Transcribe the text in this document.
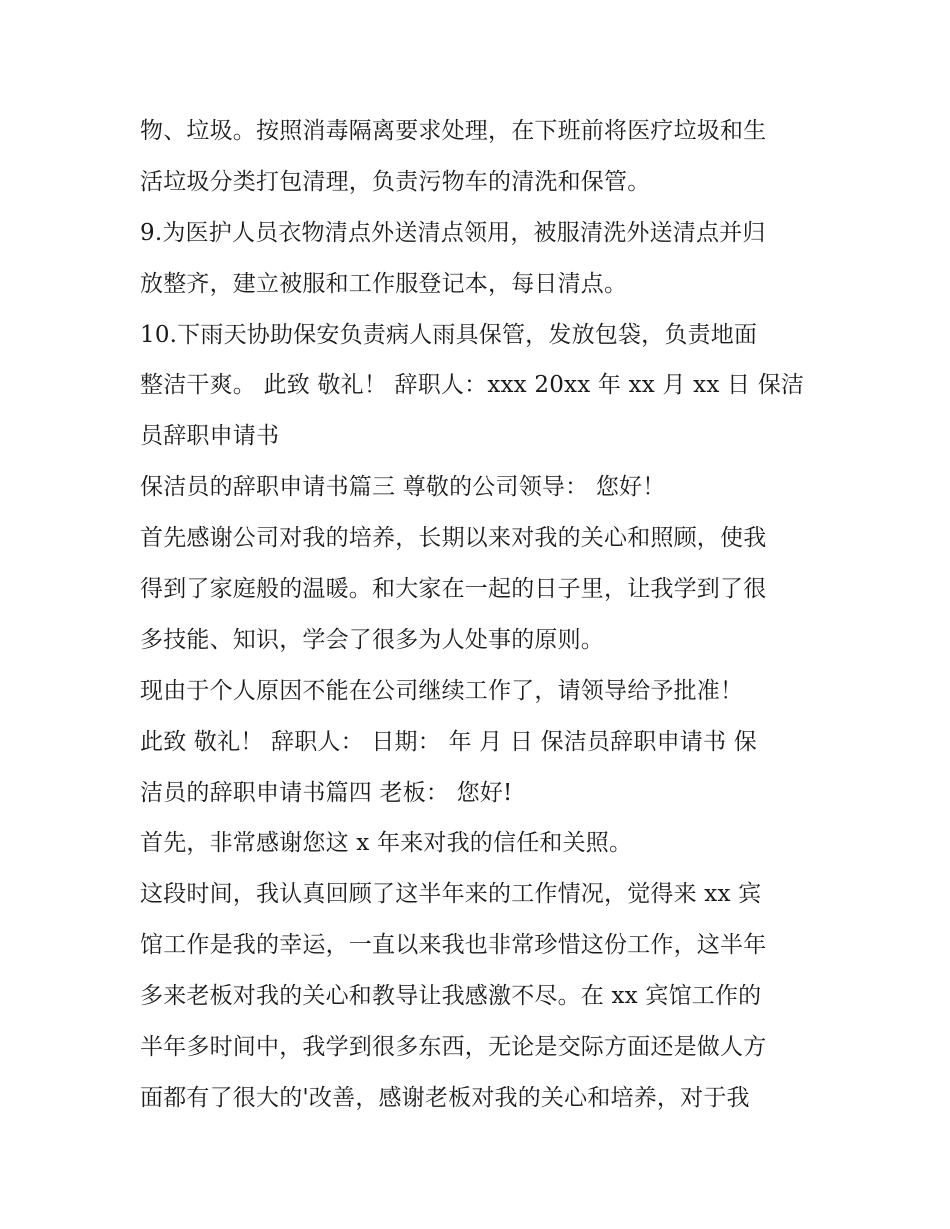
物、垃圾。按照消毒隔离要求处理，在下班前将医疗垃圾和生
活垃圾分类打包清理，负责污物车的清洗和保管。
9.为医护人员衣物清点外送清点领用，被服清洗外送清点并归
放整齐，建立被服和工作服登记本，每日清点。
10.下雨天协助保安负责病人雨具保管，发放包袋，负责地面
整洁干爽。 此致 敬礼！ 辞职人：xxx 20xx 年 xx 月 xx 日 保洁
员辞职申请书
保洁员的辞职申请书篇三 尊敬的公司领导： 您好！
首先感谢公司对我的培养，长期以来对我的关心和照顾，使我
得到了家庭般的温暖。和大家在一起的日子里，让我学到了很
多技能、知识，学会了很多为人处事的原则。
现由于个人原因不能在公司继续工作了，请领导给予批准！
此致 敬礼！ 辞职人： 日期： 年 月 日 保洁员辞职申请书 保
洁员的辞职申请书篇四 老板： 您好!
首先，非常感谢您这 x 年来对我的信任和关照。
这段时间，我认真回顾了这半年来的工作情况，觉得来 xx 宾
馆工作是我的幸运，一直以来我也非常珍惜这份工作，这半年
多来老板对我的关心和教导让我感激不尽。在 xx 宾馆工作的
半年多时间中，我学到很多东西，无论是交际方面还是做人方
面都有了很大的'改善，感谢老板对我的关心和培养，对于我
